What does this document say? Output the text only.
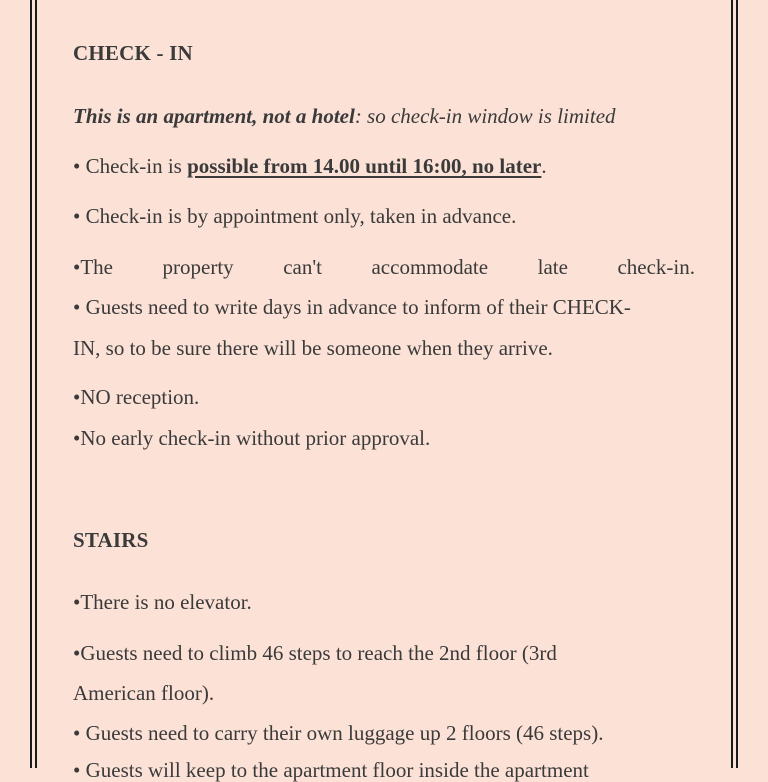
CHECK - IN
This is an apartment, not a hotel: so check-in window is limited
• Check-in is possible from 14.00 until 16:00, no later.
• Check-in is by appointment only, taken in advance.
•The property can't accommodate late check-in.
• Guests need to write days in advance to inform of their CHECK-
IN, so to be sure there will be someone when they arrive.
•NO reception.
•No early check-in without prior approval.
STAIRS
•There is no elevator.
•Guests need to climb 46 steps to reach the 2nd floor (3rd
American floor).
• Guests need to carry their own luggage up 2 floors (46 steps).
• Guests will keep to the apartment floor inside the apartment
